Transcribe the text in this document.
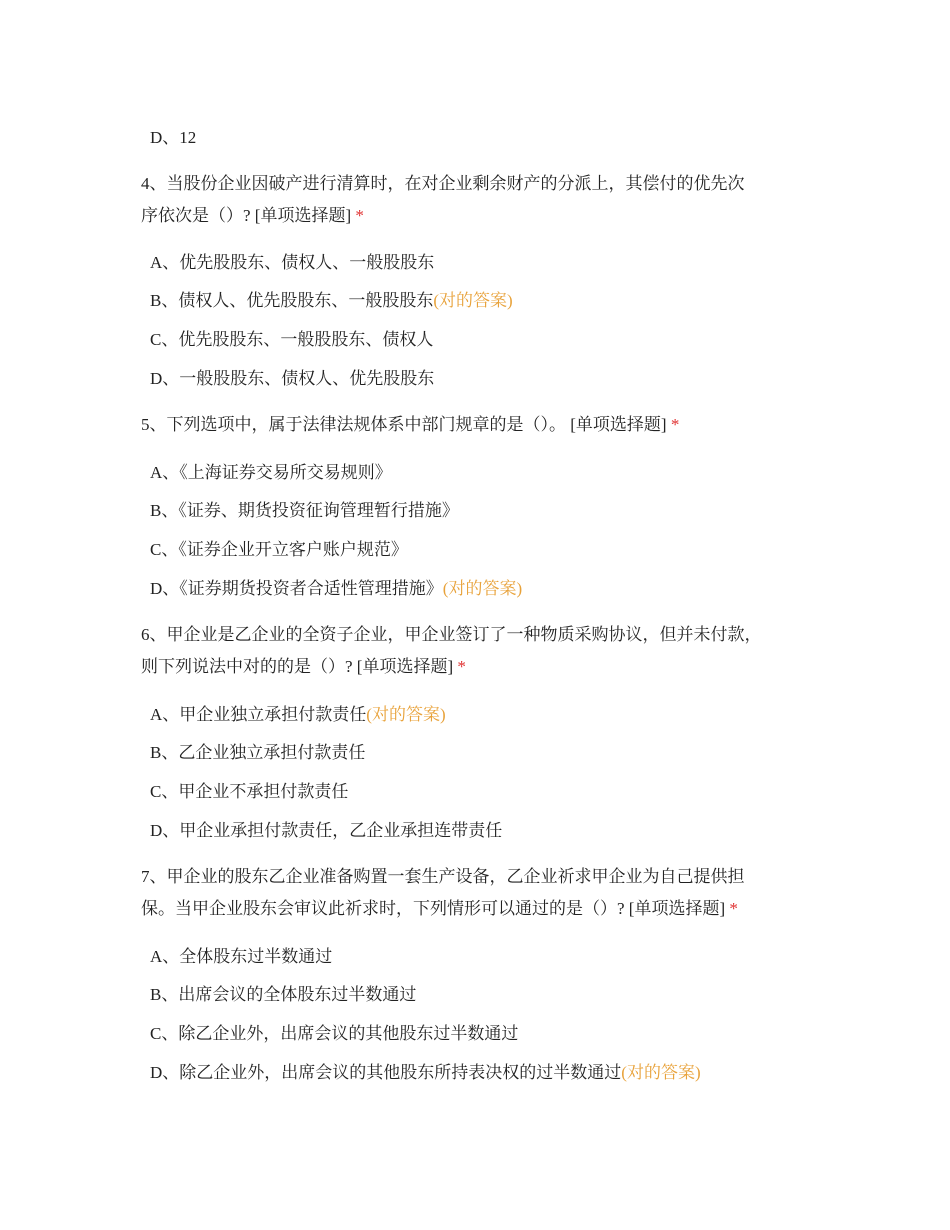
D、12
4、当股份企业因破产进行清算时，在对企业剩余财产的分派上，其偿付的优先次
序依次是（）? [单项选择题] *
A、优先股股东、债权人、一般股股东
B、债权人、优先股股东、一般股股东(对的答案)
C、优先股股东、一般股股东、债权人
D、一般股股东、债权人、优先股股东
5、下列选项中，属于法律法规体系中部门规章的是（）。 [单项选择题] *
A、《上海证券交易所交易规则》
B、《证券、期货投资征询管理暂行措施》
C、《证券企业开立客户账户规范》
D、《证券期货投资者合适性管理措施》(对的答案)
6、甲企业是乙企业的全资子企业，甲企业签订了一种物质采购协议，但并未付款，
则下列说法中对的的是（）? [单项选择题] *
A、甲企业独立承担付款责任(对的答案)
B、乙企业独立承担付款责任
C、甲企业不承担付款责任
D、甲企业承担付款责任，乙企业承担连带责任
7、甲企业的股东乙企业准备购置一套生产设备，乙企业祈求甲企业为自己提供担
保。当甲企业股东会审议此祈求时，下列情形可以通过的是（）? [单项选择题] *
A、全体股东过半数通过
B、出席会议的全体股东过半数通过
C、除乙企业外，出席会议的其他股东过半数通过
D、除乙企业外，出席会议的其他股东所持表决权的过半数通过(对的答案)
